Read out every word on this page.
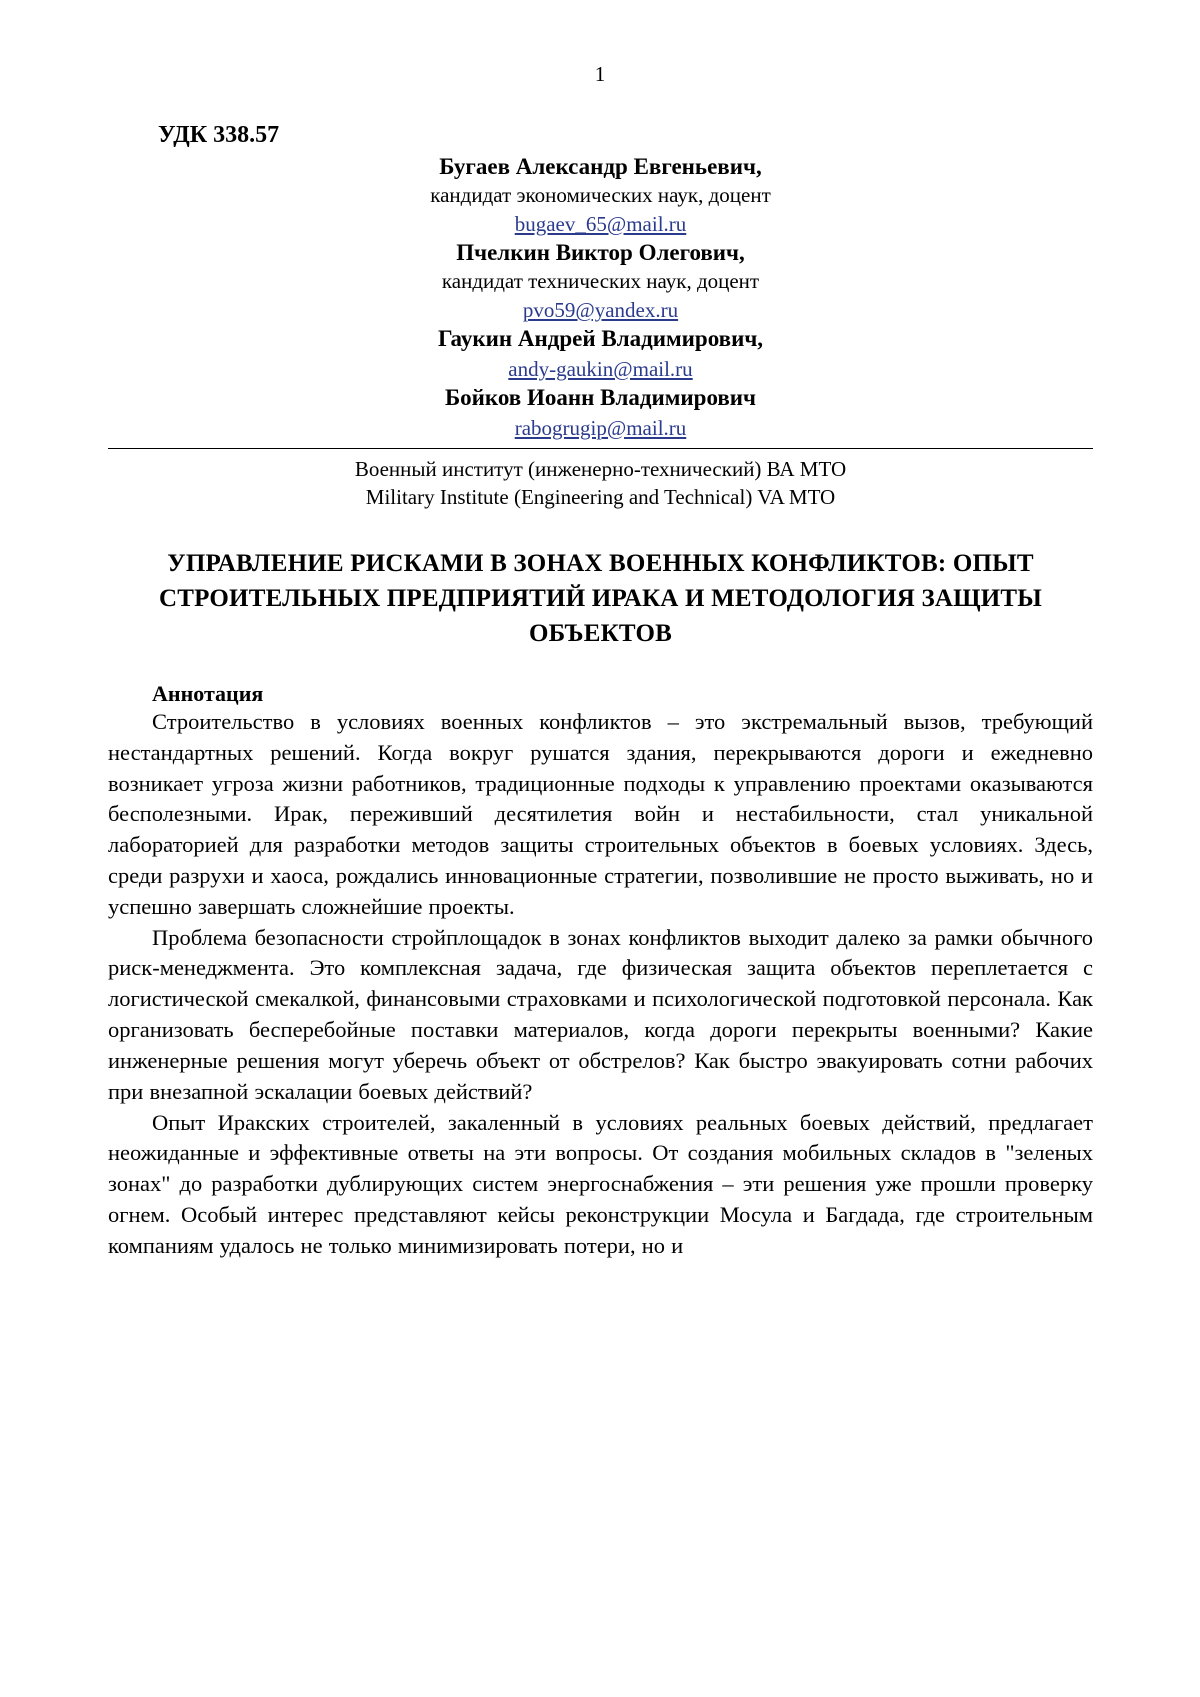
1
УДК 338.57
Бугаев Александр Евгеньевич,
кандидат экономических наук, доцент
bugaev_65@mail.ru
Пчелкин Виктор Олегович,
кандидат технических наук, доцент
pvo59@yandex.ru
Гаукин Андрей Владимирович,
andy-gaukin@mail.ru
Бойков Иоанн Владимирович
rabogrugip@mail.ru
Военный институт (инженерно-технический) ВА МТО
Military Institute (Engineering and Technical) VA MTO
УПРАВЛЕНИЕ РИСКАМИ В ЗОНАХ ВОЕННЫХ КОНФЛИКТОВ: ОПЫТ СТРОИТЕЛЬНЫХ ПРЕДПРИЯТИЙ ИРАКА И МЕТОДОЛОГИЯ ЗАЩИТЫ ОБЪЕКТОВ
Аннотация

Строительство в условиях военных конфликтов – это экстремальный вызов, требующий нестандартных решений. Когда вокруг рушатся здания, перекрываются дороги и ежедневно возникает угроза жизни работников, традиционные подходы к управлению проектами оказываются бесполезными. Ирак, переживший десятилетия войн и нестабильности, стал уникальной лабораторией для разработки методов защиты строительных объектов в боевых условиях. Здесь, среди разрухи и хаоса, рождались инновационные стратегии, позволившие не просто выживать, но и успешно завершать сложнейшие проекты.

Проблема безопасности стройплощадок в зонах конфликтов выходит далеко за рамки обычного риск-менеджмента. Это комплексная задача, где физическая защита объектов переплетается с логистической смекалкой, финансовыми страховками и психологической подготовкой персонала. Как организовать бесперебойные поставки материалов, когда дороги перекрыты военными? Какие инженерные решения могут уберечь объект от обстрелов? Как быстро эвакуировать сотни рабочих при внезапной эскалации боевых действий?

Опыт Иракских строителей, закаленный в условиях реальных боевых действий, предлагает неожиданные и эффективные ответы на эти вопросы. От создания мобильных складов в "зеленых зонах" до разработки дублирующих систем энергоснабжения – эти решения уже прошли проверку огнем. Особый интерес представляют кейсы реконструкции Мосула и Багдада, где строительным компаниям удалось не только минимизировать потери, но и
